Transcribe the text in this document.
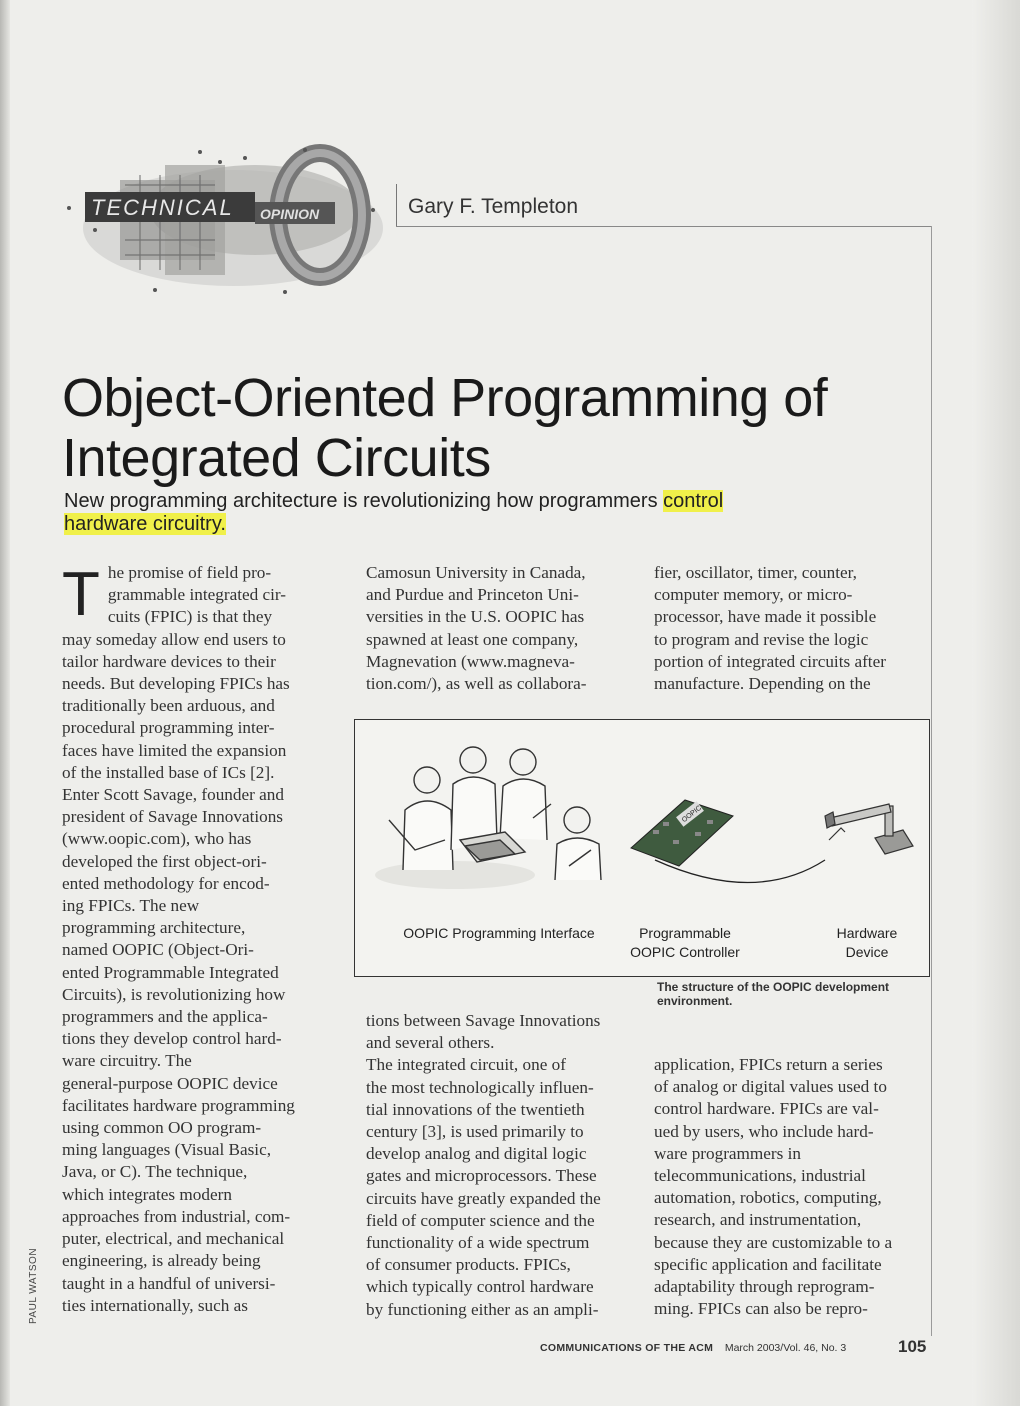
TECHNICAL OPINION	Gary F. Templeton
Object-Oriented Programming of
Integrated Circuits
New programming architecture is revolutionizing how programmers control hardware circuitry.
T he promise of field pro-
grammable integrated cir-
cuits (FPIC) is that they
may someday allow end users to
tailor hardware devices to their
needs. But developing FPICs has
traditionally been arduous, and
procedural programming inter-
faces have limited the expansion
of the installed base of ICs [2].
Enter Scott Savage, founder and
president of Savage Innovations
(www.oopic.com), who has
developed the first object-ori-
ented methodology for encod-
ing FPICs. The new
programming architecture,
named OOPIC (Object-Ori-
ented Programmable Integrated
Circuits), is revolutionizing how
programmers and the applica-
tions they develop control hard-
ware circuitry. The
general-purpose OOPIC device
facilitates hardware programming
using common OO program-
ming languages (Visual Basic,
Java, or C). The technique,
which integrates modern
approaches from industrial, com-
puter, electrical, and mechanical
engineering, is already being
taught in a handful of universi-
ties internationally, such as

Camosun University in Canada,
and Purdue and Princeton Uni-
versities in the U.S. OOPIC has
spawned at least one company,
Magnevation (www.magneva-
tion.com/), as well as collabora-

tions between Savage Innovations
and several others.
The integrated circuit, one of
the most technologically influen-
tial innovations of the twentieth
century [3], is used primarily to
develop analog and digital logic
gates and microprocessors. These
circuits have greatly expanded the
field of computer science and the
functionality of a wide spectrum
of consumer products. FPICs,
which typically control hardware
by functioning either as an ampli-

fier, oscillator, timer, counter,
computer memory, or micro-
processor, have made it possible
to program and revise the logic
portion of integrated circuits after
manufacture. Depending on the

application, FPICs return a series
of analog or digital values used to
control hardware. FPICs are val-
ued by users, who include hard-
ware programmers in
telecommunications, industrial
automation, robotics, computing,
research, and instrumentation,
because they are customizable to a
specific application and facilitate
adaptability through reprogram-
ming. FPICs can also be repro-

OOPIC
OOPIC Programming Interface	Programmable
OOPIC Controller
Hardware
Device
The structure of the OOPIC development environment.
PAUL WATSON
COMMUNICATIONS OF THE ACM March 2003/Vol. 46, No. 3	105
